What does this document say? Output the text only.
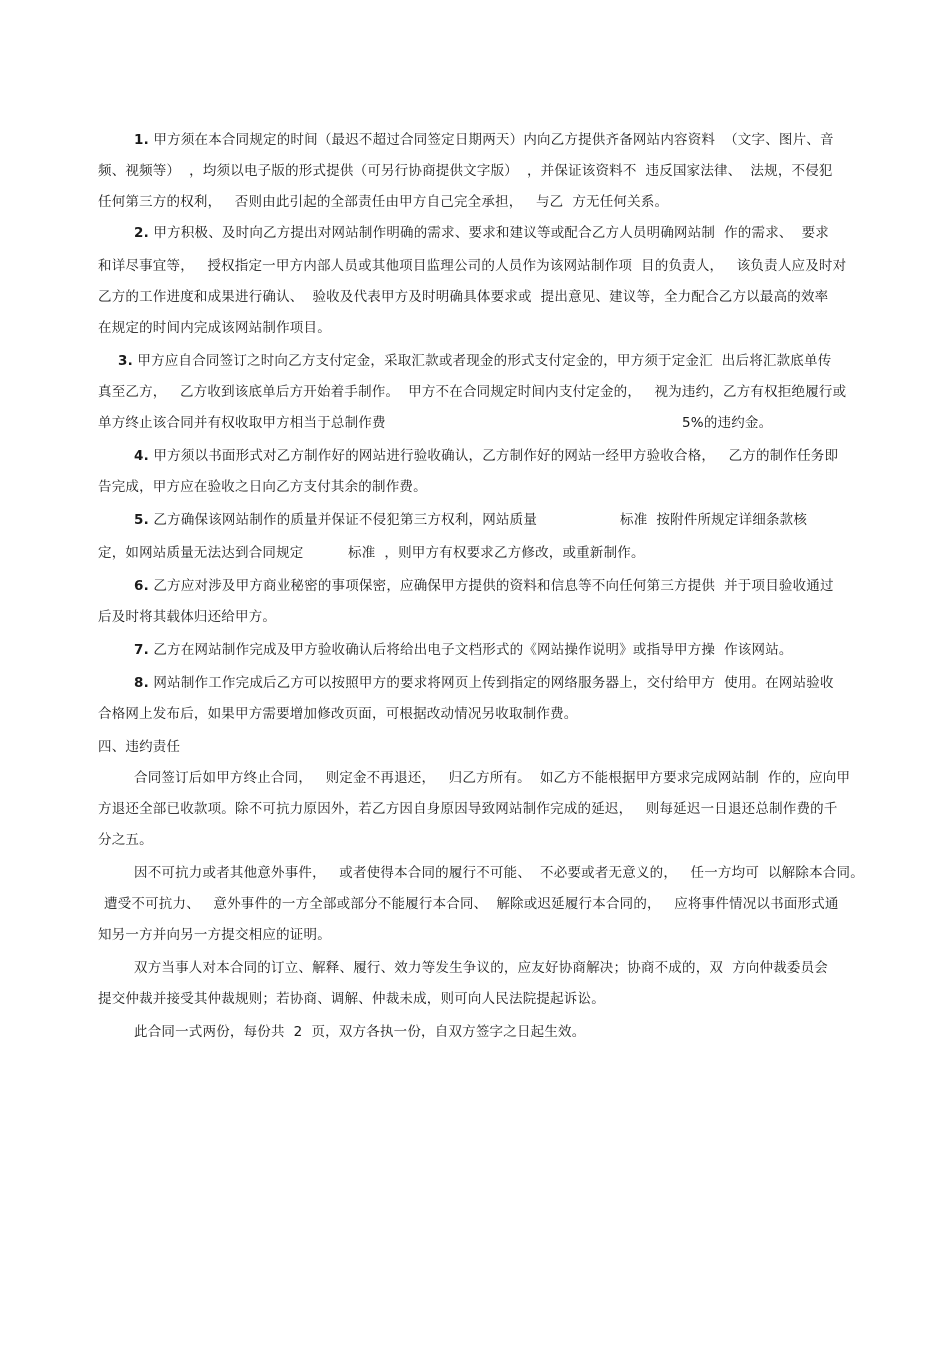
1. 甲方须在本合同规定的时间（最迟不超过合同签定日期两天）内向乙方提供齐备网站内容资料  （文字、图片、音
频、视频等）  ，均须以电子版的形式提供（可另行协商提供文字版）  ，并保证该资料不  违反国家法律、  法规，不侵犯
任何第三方的权利，   否则由此引起的全部责任由甲方自己完全承担，   与乙  方无任何关系。
2. 甲方积极、及时向乙方提出对网站制作明确的需求、要求和建议等或配合乙方人员明确网站制  作的需求、  要求
和详尽事宜等，   授权指定一甲方内部人员或其他项目监理公司的人员作为该网站制作项  目的负责人，   该负责人应及时对
乙方的工作进度和成果进行确认、  验收及代表甲方及时明确具体要求或  提出意见、建议等，全力配合乙方以最高的效率
在规定的时间内完成该网站制作项目。
3. 甲方应自合同签订之时向乙方支付定金，采取汇款或者现金的形式支付定金的，甲方须于定金汇  出后将汇款底单传
真至乙方，   乙方收到该底单后方开始着手制作。  甲方不在合同规定时间内支付定金的，   视为违约，乙方有权拒绝履行或
单方终止该合同并有权收取甲方相当于总制作费	5%的违约金。
4. 甲方须以书面形式对乙方制作好的网站进行验收确认，乙方制作好的网站一经甲方验收合格，   乙方的制作任务即
告完成，甲方应在验收之日向乙方支付其余的制作费。
5. 乙方确保该网站制作的质量并保证不侵犯第三方权利，网站质量	标准  按附件所规定详细条款核
定，如网站质量无法达到合同规定	标准  ，则甲方有权要求乙方修改，或重新制作。
6. 乙方应对涉及甲方商业秘密的事项保密，应确保甲方提供的资料和信息等不向任何第三方提供  并于项目验收通过
后及时将其载体归还给甲方。
7. 乙方在网站制作完成及甲方验收确认后将给出电子文档形式的《网站操作说明》或指导甲方操  作该网站。
8. 网站制作工作完成后乙方可以按照甲方的要求将网页上传到指定的网络服务器上，交付给甲方  使用。在网站验收
合格网上发布后，如果甲方需要增加修改页面，可根据改动情况另收取制作费。
四、违约责任
合同签订后如甲方终止合同，   则定金不再退还，   归乙方所有。  如乙方不能根据甲方要求完成网站制  作的，应向甲
方退还全部已收款项。除不可抗力原因外，若乙方因自身原因导致网站制作完成的延迟，   则每延迟一日退还总制作费的千
分之五。
因不可抗力或者其他意外事件，   或者使得本合同的履行不可能、  不必要或者无意义的，   任一方均可  以解除本合同。
遭受不可抗力、   意外事件的一方全部或部分不能履行本合同、  解除或迟延履行本合同的，   应将事件情况以书面形式通
知另一方并向另一方提交相应的证明。
双方当事人对本合同的订立、解释、履行、效力等发生争议的，应友好协商解决；协商不成的，双  方向仲裁委员会
提交仲裁并接受其仲裁规则；若协商、调解、仲裁未成，则可向人民法院提起诉讼。
此合同一式两份，每份共  2  页，双方各执一份，自双方签字之日起生效。
